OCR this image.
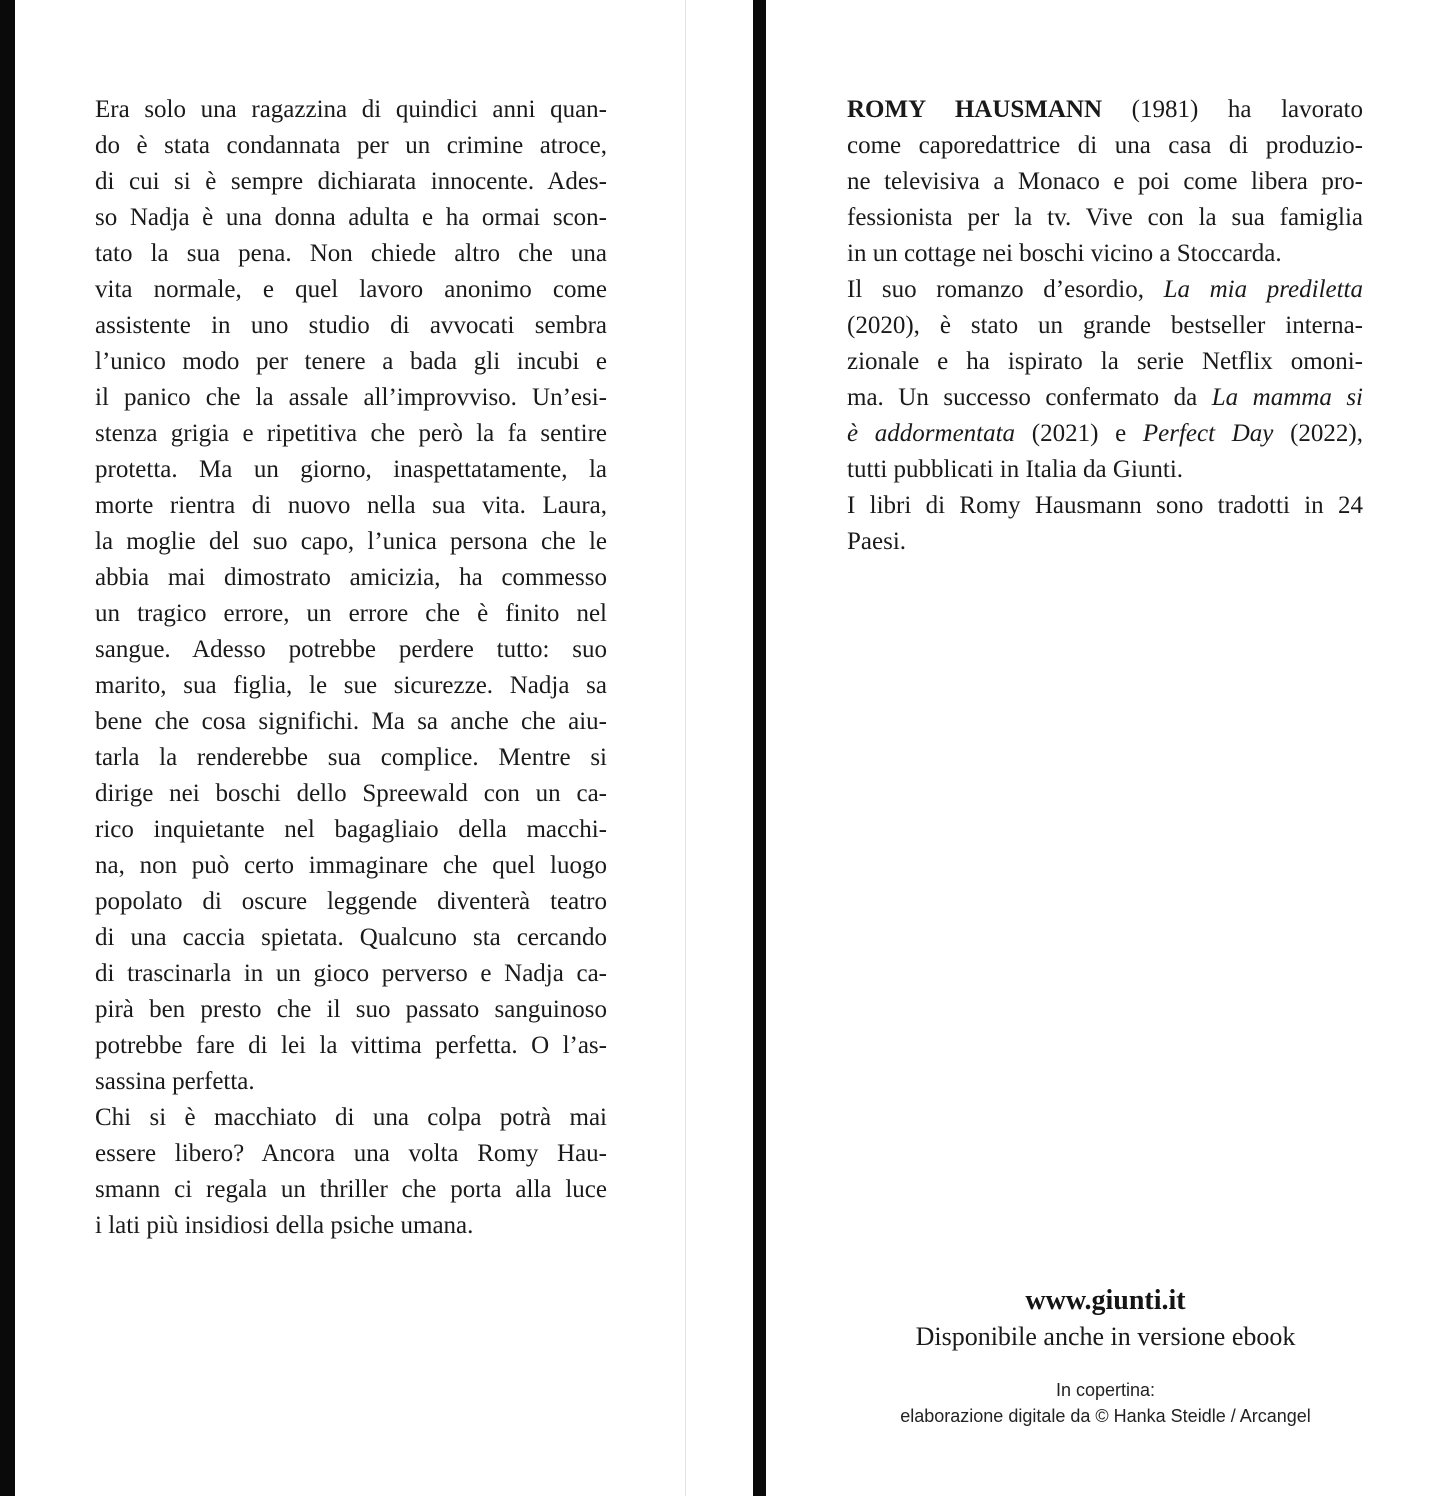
Era solo una ragazzina di quindici anni quan-
do è stata condannata per un crimine atroce,
di cui si è sempre dichiarata innocente. Ades-
so Nadja è una donna adulta e ha ormai scon-
tato la sua pena. Non chiede altro che una
vita normale, e quel lavoro anonimo come
assistente in uno studio di avvocati sembra
l’unico modo per tenere a bada gli incubi e
il panico che la assale all’improvviso. Un’esi-
stenza grigia e ripetitiva che però la fa sentire
protetta. Ma un giorno, inaspettatamente, la
morte rientra di nuovo nella sua vita. Laura,
la moglie del suo capo, l’unica persona che le
abbia mai dimostrato amicizia, ha commesso
un tragico errore, un errore che è finito nel
sangue. Adesso potrebbe perdere tutto: suo
marito, sua figlia, le sue sicurezze. Nadja sa
bene che cosa significhi. Ma sa anche che aiu-
tarla la renderebbe sua complice. Mentre si
dirige nei boschi dello Spreewald con un ca-
rico inquietante nel bagagliaio della macchi-
na, non può certo immaginare che quel luogo
popolato di oscure leggende diventerà teatro
di una caccia spietata. Qualcuno sta cercando
di trascinarla in un gioco perverso e Nadja ca-
pirà ben presto che il suo passato sanguinoso
potrebbe fare di lei la vittima perfetta. O l’as-
sassina perfetta.
Chi si è macchiato di una colpa potrà mai
essere libero? Ancora una volta Romy Hau-
smann ci regala un thriller che porta alla luce
i lati più insidiosi della psiche umana.
ROMY HAUSMANN (1981) ha lavorato
come caporedattrice di una casa di produzio-
ne televisiva a Monaco e poi come libera pro-
fessionista per la tv. Vive con la sua famiglia
in un cottage nei boschi vicino a Stoccarda.
Il suo romanzo d’esordio, La mia prediletta
(2020), è stato un grande bestseller interna-
zionale e ha ispirato la serie Netflix omoni-
ma. Un successo confermato da La mamma si
è addormentata (2021) e Perfect Day (2022),
tutti pubblicati in Italia da Giunti.
I libri di Romy Hausmann sono tradotti in 24
Paesi.
www.giunti.it
Disponibile anche in versione ebook
In copertina:
elaborazione digitale da © Hanka Steidle / Arcangel
